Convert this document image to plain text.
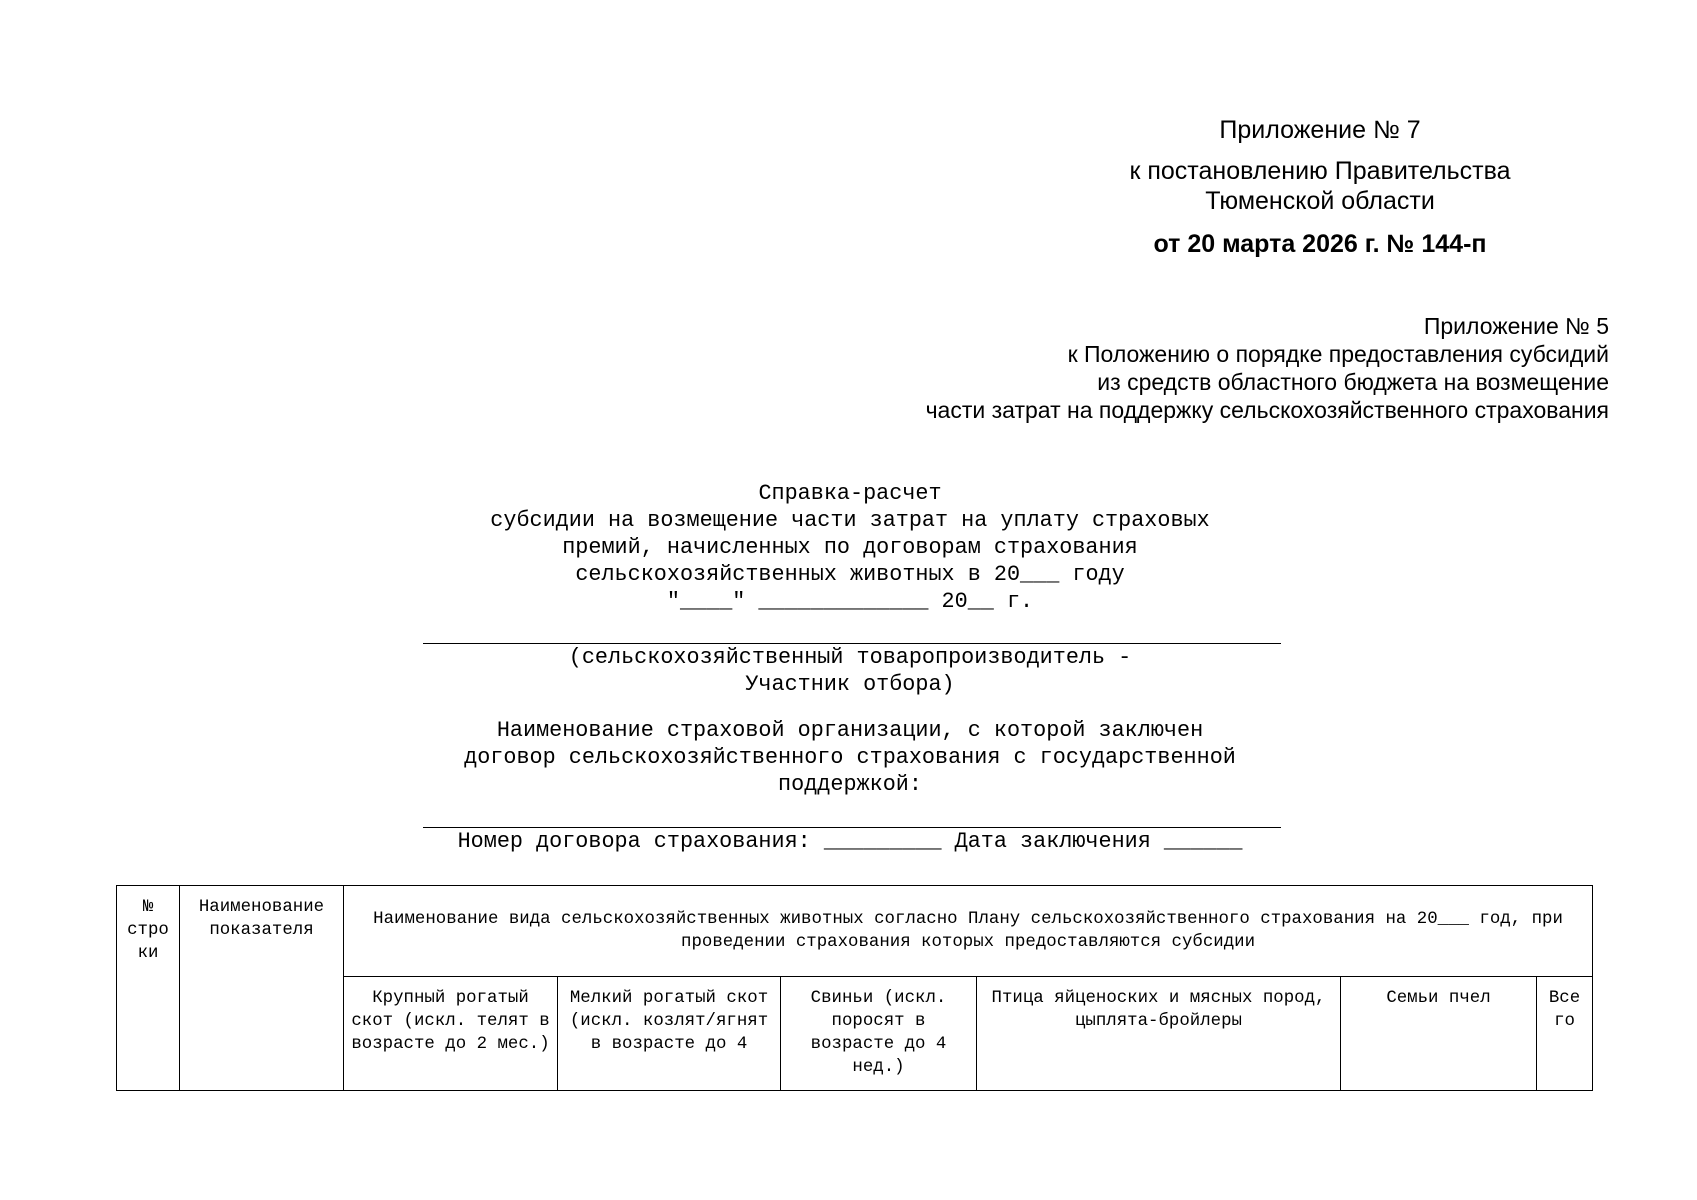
Приложение № 7
к постановлению Правительства
Тюменской области
от 20 марта 2026 г. № 144-п
Приложение № 5
к Положению о порядке предоставления субсидий
из средств областного бюджета на возмещение
части затрат на поддержку сельскохозяйственного страхования
Справка-расчет
субсидии на возмещение части затрат на уплату страховых
премий, начисленных по договорам страхования
сельскохозяйственных животных в 20___ году
"____" _____________ 20__ г.
(сельскохозяйственный товаропроизводитель -
Участник отбора)
Наименование страховой организации, с которой заключен
договор сельскохозяйственного страхования с государственной
поддержкой:
Номер договора страхования: _________ Дата заключения ______
№ стро ки	Наименование показателя	Наименование вида сельскохозяйственных животных согласно Плану сельскохозяйственного страхования на 20___ год, при проведении страхования которых предоставляются субсидии					
		Крупный рогатый скот (искл. телят в возрасте до 2 мес.)	Мелкий рогатый скот (искл. козлят/ягнят в возрасте до 4	Свиньи (искл. поросят в возрасте до 4 нед.)	Птица яйценоских и мясных пород, цыплята-бройлеры	Семьи пчел	Все го
